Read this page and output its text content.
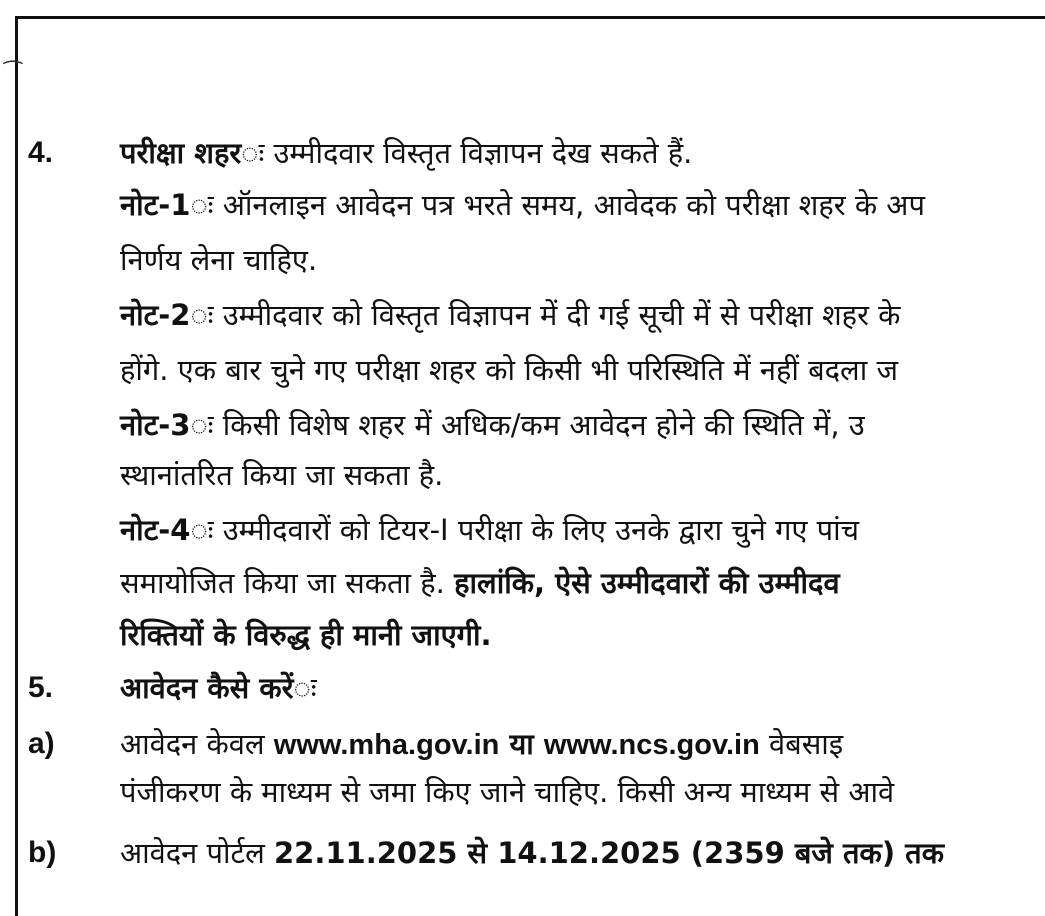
⁀
4. परीक्षा शहरः उम्मीदवार विस्तृत विज्ञापन देख सकते हैं.
नोट-1ः ऑनलाइन आवेदन पत्र भरते समय, आवेदक को परीक्षा शहर के अप
निर्णय लेना चाहिए.
नोट-2ः उम्मीदवार को विस्तृत विज्ञापन में दी गई सूची में से परीक्षा शहर के
होंगे. एक बार चुने गए परीक्षा शहर को किसी भी परिस्थिति में नहीं बदला ज
नोट-3ः किसी विशेष शहर में अधिक/कम आवेदन होने की स्थिति में, उ
स्थानांतरित किया जा सकता है.
नोट-4ः उम्मीदवारों को टियर-I परीक्षा के लिए उनके द्वारा चुने गए पांच
समायोजित किया जा सकता है. हालांकि, ऐसे उम्मीदवारों की उम्मीदव
रिक्तियों के विरुद्ध ही मानी जाएगी.
5. आवेदन कैसे करेंः
a) आवेदन केवल www.mha.gov.in या www.ncs.gov.in वेबसाइ
पंजीकरण के माध्यम से जमा किए जाने चाहिए. किसी अन्य माध्यम से आवे
b) आवेदन पोर्टल 22.11.2025 से 14.12.2025 (2359 बजे तक) तक
